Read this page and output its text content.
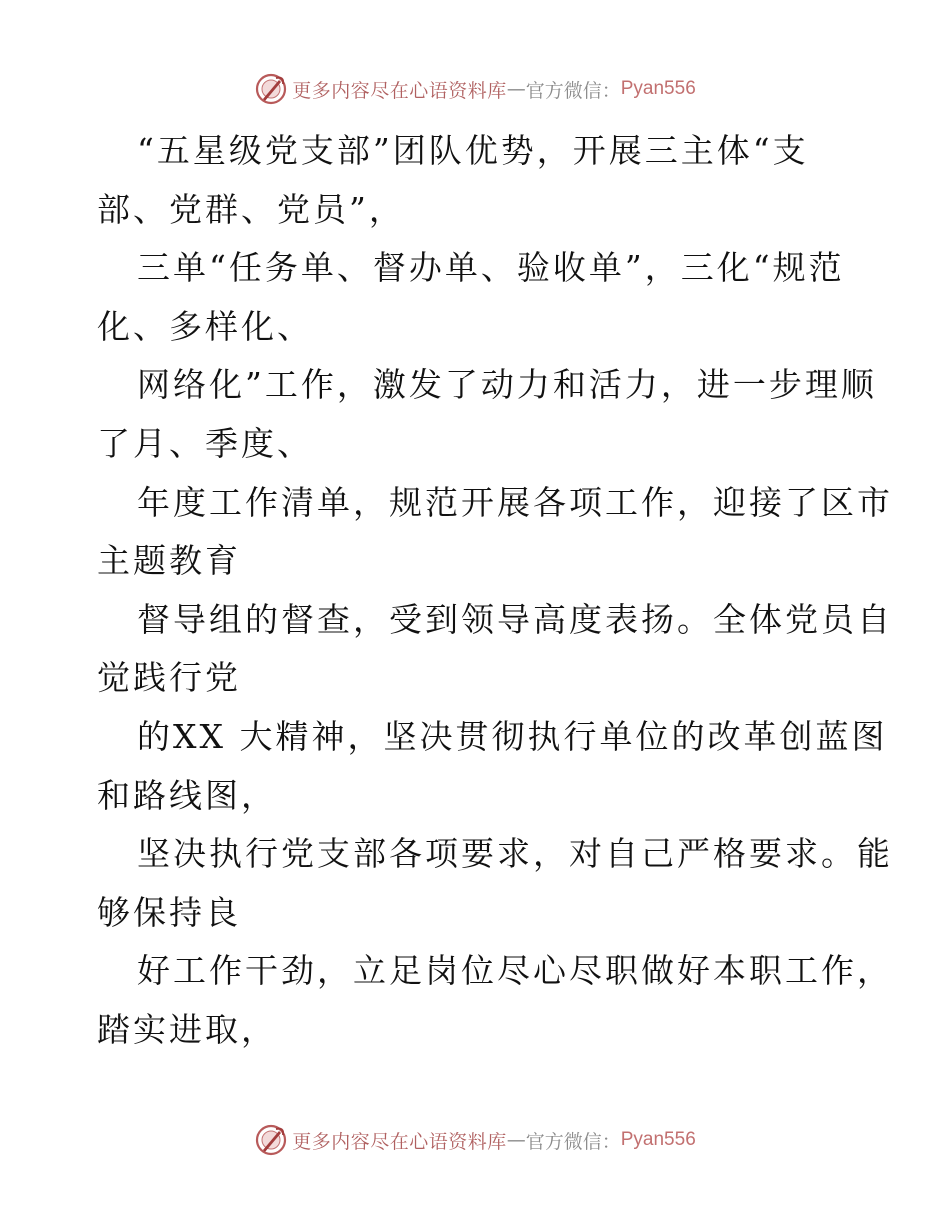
更多内容尽在心语资料库 — 官方微信： Pyan556

“五星级党支部”团队优势，开展三主体“支

部、党群、党员”，

三单“任务单、督办单、验收单”，三化“规范

化、多样化、

网络化”工作，激发了动力和活力，进一步理顺

了月、季度、

年度工作清单，规范开展各项工作，迎接了区市

主题教育

督导组的督查，受到领导高度表扬。全体党员自

觉践行党

的XX 大精神，坚决贯彻执行单位的改革创蓝图

和路线图，

坚决执行党支部各项要求，对自己严格要求。能

够保持良

好工作干劲，立足岗位尽心尽职做好本职工作，

踏实进取，

更多内容尽在心语资料库 — 官方微信： Pyan556
